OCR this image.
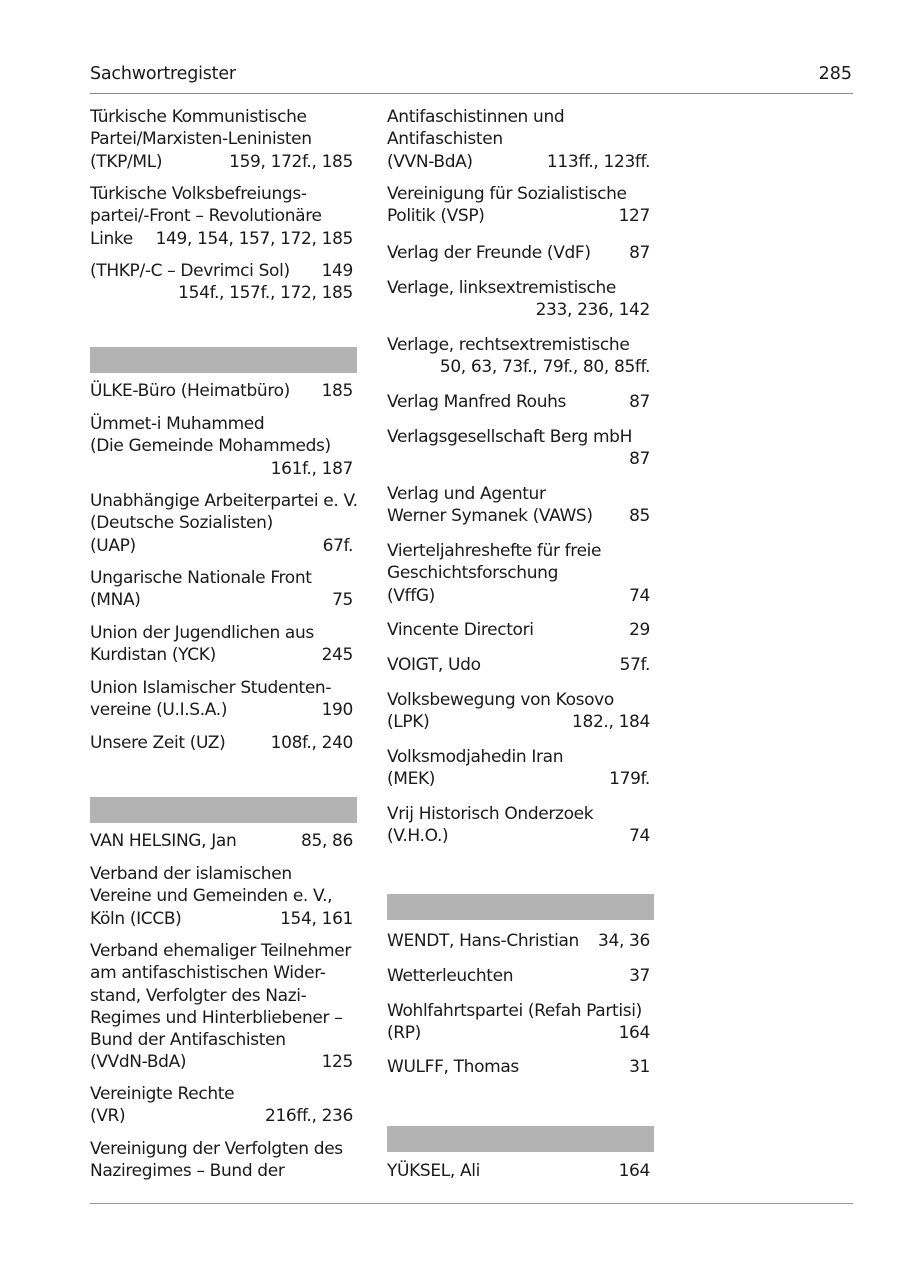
Sachwortregister	285
Türkische Kommunistische
Partei/Marxisten-Leninisten
(TKP/ML)	159, 172f., 185
Türkische Volksbefreiungs-
partei/-Front – Revolutionäre
Linke 149, 154, 157, 172, 185
(THKP/-C – Devrimci Sol) 149
154f., 157f., 172, 185
ÜLKE-Büro (Heimatbüro) 185
Ümmet-i Muhammed
(Die Gemeinde Mohammeds)
161f., 187
Unabhängige Arbeiterpartei e. V.
(Deutsche Sozialisten)
(UAP)	67f.
Ungarische Nationale Front
(MNA)	75
Union der Jugendlichen aus
Kurdistan (YCK)	245
Union Islamischer Studenten-
vereine (U.I.S.A.)	190
Unsere Zeit (UZ)	108f., 240
VAN HELSING, Jan	85, 86
Verband der islamischen
Vereine und Gemeinden e. V.,
Köln (ICCB)	154, 161
Verband ehemaliger Teilnehmer
am antifaschistischen Wider-
stand, Verfolgter des Nazi-
Regimes und Hinterbliebener –
Bund der Antifaschisten
(VVdN-BdA)	125
Vereinigte Rechte
(VR)	216ff., 236
Vereinigung der Verfolgten des
Naziregimes – Bund der
Antifaschistinnen und
Antifaschisten
(VVN-BdA)	113ff., 123ff.
Vereinigung für Sozialistische
Politik (VSP)	127
Verlag der Freunde (VdF) 87
Verlage, linksextremistische
233, 236, 142
Verlage, rechtsextremistische
50, 63, 73f., 79f., 80, 85ff.
Verlag Manfred Rouhs	87
Verlagsgesellschaft Berg mbH
87
Verlag und Agentur
Werner Symanek (VAWS) 85
Vierteljahreshefte für freie
Geschichtsforschung
(VffG)	74
Vincente Directori	29
VOIGT, Udo	57f.
Volksbewegung von Kosovo
(LPK)	182., 184
Volksmodjahedin Iran
(MEK)	179f.
Vrij Historisch Onderzoek
(V.H.O.)	74
WENDT, Hans-Christian 34, 36
Wetterleuchten	37
Wohlfahrtspartei (Refah Partisi)
(RP)	164
WULFF, Thomas	31
YÜKSEL, Ali	164
